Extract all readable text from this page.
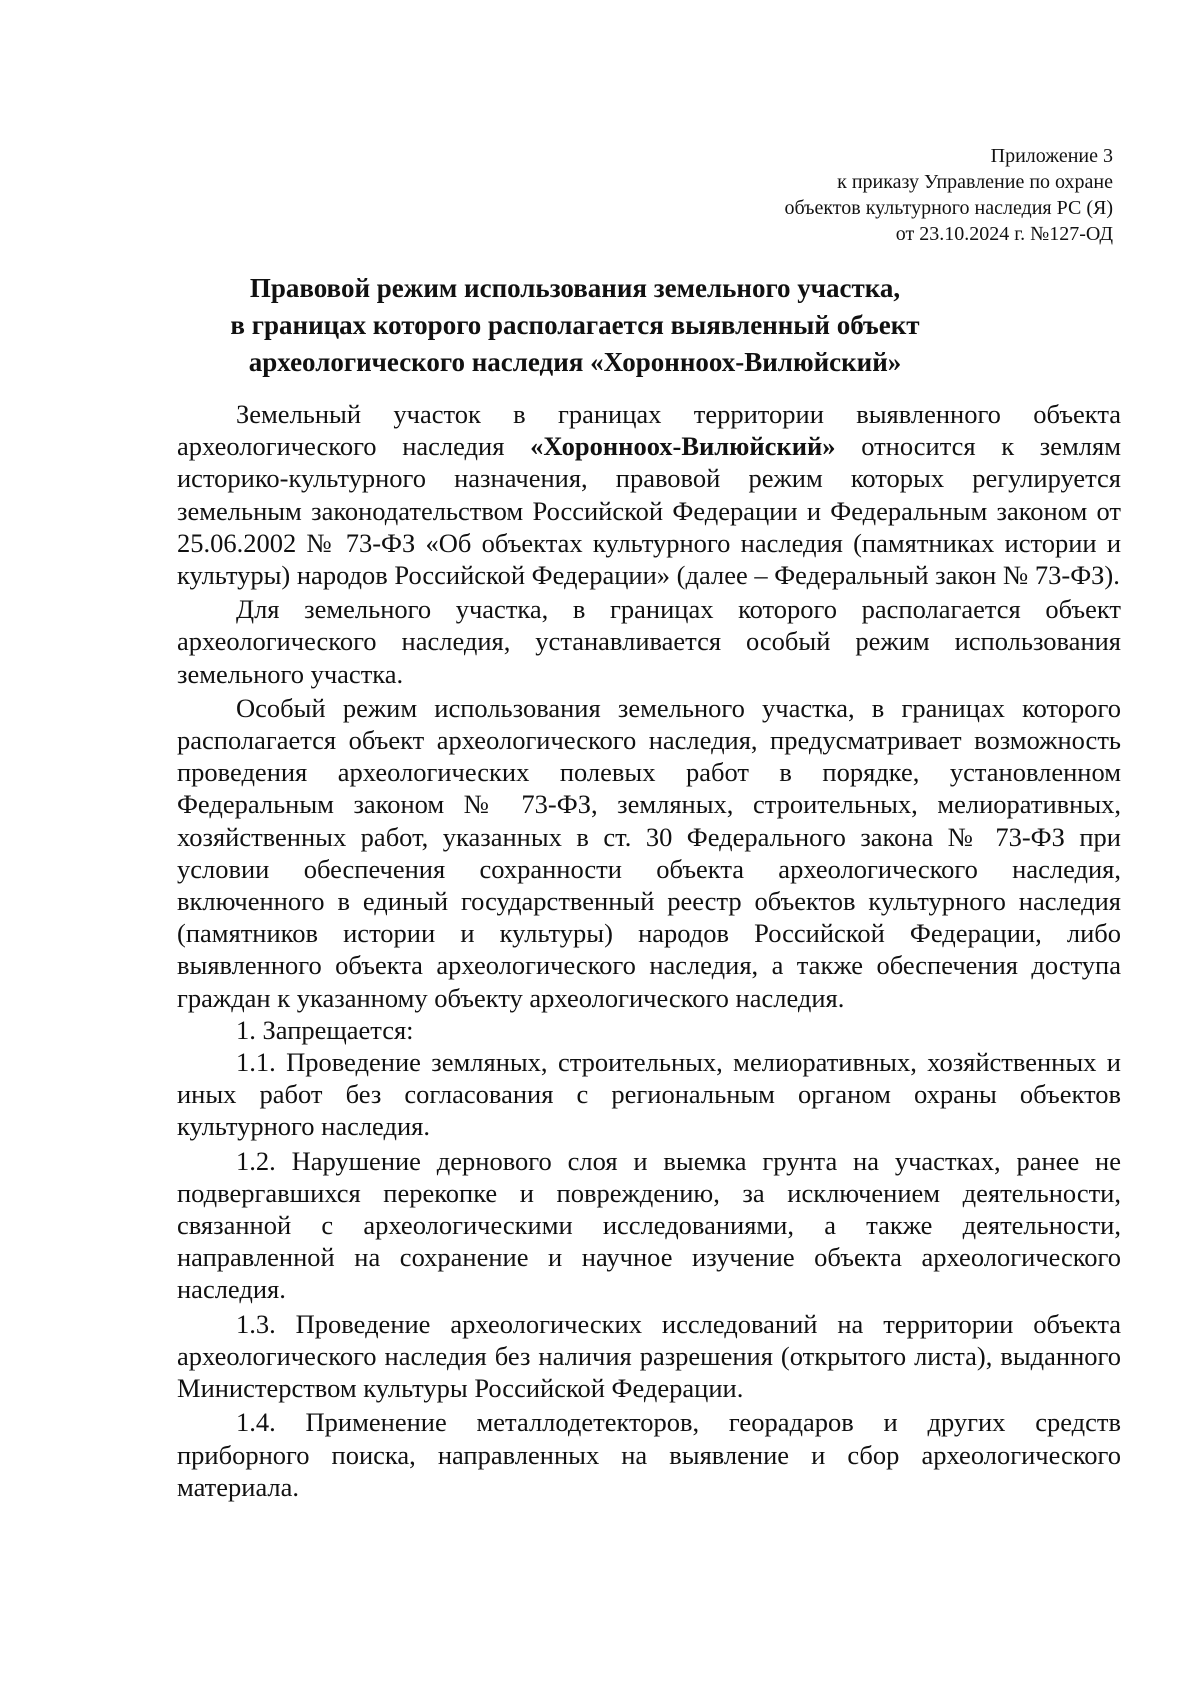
Приложение 3
к приказу Управление по охране
объектов культурного наследия РС (Я)
от 23.10.2024 г. №127-ОД
Правовой режим использования земельного участка,
в границах которого располагается выявленный объект
археологического наследия «Хоронноох-Вилюйский»

Земельный участок в границах территории выявленного объекта археологического наследия «Хоронноох-Вилюйский» относится к землям историко-культурного назначения, правовой режим которых регулируется земельным законодательством Российской Федерации и Федеральным законом от 25.06.2002 № 73-ФЗ «Об объектах культурного наследия (памятниках истории и культуры) народов Российской Федерации» (далее – Федеральный закон № 73-ФЗ).

Для земельного участка, в границах которого располагается объект археологического наследия, устанавливается особый режим использования земельного участка.

Особый режим использования земельного участка, в границах которого располагается объект археологического наследия, предусматривает возможность проведения археологических полевых работ в порядке, установленном Федеральным законом № 73-ФЗ, земляных, строительных, мелиоративных, хозяйственных работ, указанных в ст. 30 Федерального закона № 73-ФЗ при условии обеспечения сохранности объекта археологического наследия, включенного в единый государственный реестр объектов культурного наследия (памятников истории и культуры) народов Российской Федерации, либо выявленного объекта археологического наследия, а также обеспечения доступа граждан к указанному объекту археологического наследия.

1. Запрещается:

1.1. Проведение земляных, строительных, мелиоративных, хозяйственных и иных работ без согласования с региональным органом охраны объектов культурного наследия.

1.2. Нарушение дернового слоя и выемка грунта на участках, ранее не подвергавшихся перекопке и повреждению, за исключением деятельности, связанной с археологическими исследованиями, а также деятельности, направленной на сохранение и научное изучение объекта археологического наследия.

1.3. Проведение археологических исследований на территории объекта археологического наследия без наличия разрешения (открытого листа), выданного Министерством культуры Российской Федерации.

1.4. Применение металлодетекторов, георадаров и других средств приборного поиска, направленных на выявление и сбор археологического материала.
